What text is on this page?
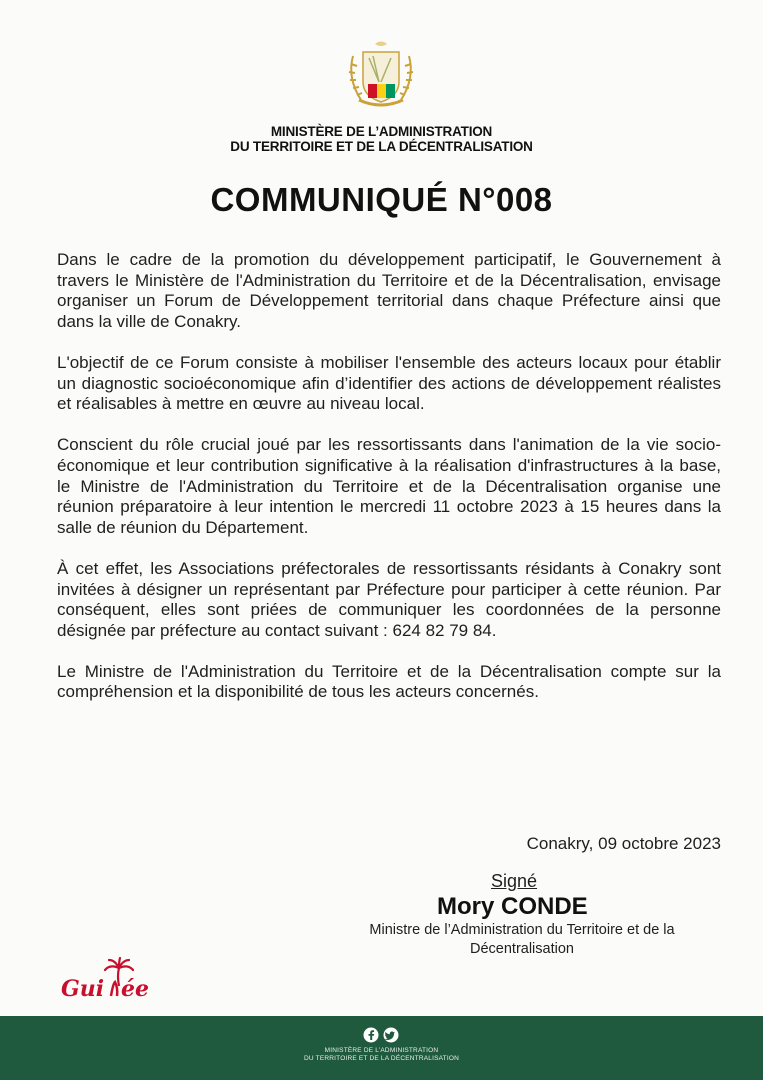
MINISTÈRE DE L’ADMINISTRATION
DU TERRITOIRE ET DE LA DÉCENTRALISATION
COMMUNIQUÉ N°008

Dans le cadre de la promotion du développement participatif, le Gouvernement à travers le Ministère de l'Administration du Territoire et de la Décentralisation, envisage organiser un Forum de Développement territorial dans chaque Préfecture ainsi que dans la ville de Conakry.

L'objectif de ce Forum consiste à mobiliser l'ensemble des acteurs locaux pour établir un diagnostic socioéconomique afin d’identifier des actions de développement réalistes et réalisables à mettre en œuvre au niveau local.

Conscient du rôle crucial joué par les ressortissants dans l'animation de la vie socio-économique et leur contribution significative à la réalisation d'infrastructures à la base, le Ministre de l'Administration du Territoire et de la Décentralisation organise une réunion préparatoire à leur intention le mercredi 11 octobre 2023 à 15 heures dans la salle de réunion du Département.

À cet effet, les Associations préfectorales de ressortissants résidants à Conakry sont invitées à désigner un représentant par Préfecture pour participer à cette réunion. Par conséquent, elles sont priées de communiquer les coordonnées de la personne désignée par préfecture au contact suivant : 624 82 79 84.

Le Ministre de l'Administration du Territoire et de la Décentralisation compte sur la compréhension et la disponibilité de tous les acteurs concernés.

Conakry, 09 octobre 2023
Signé
Mory CONDE
Ministre de l’Administration du Territoire et de la Décentralisation
Gui ée
MINISTÈRE DE L’ADMINISTRATION
DU TERRITOIRE ET DE LA DÉCENTRALISATION
